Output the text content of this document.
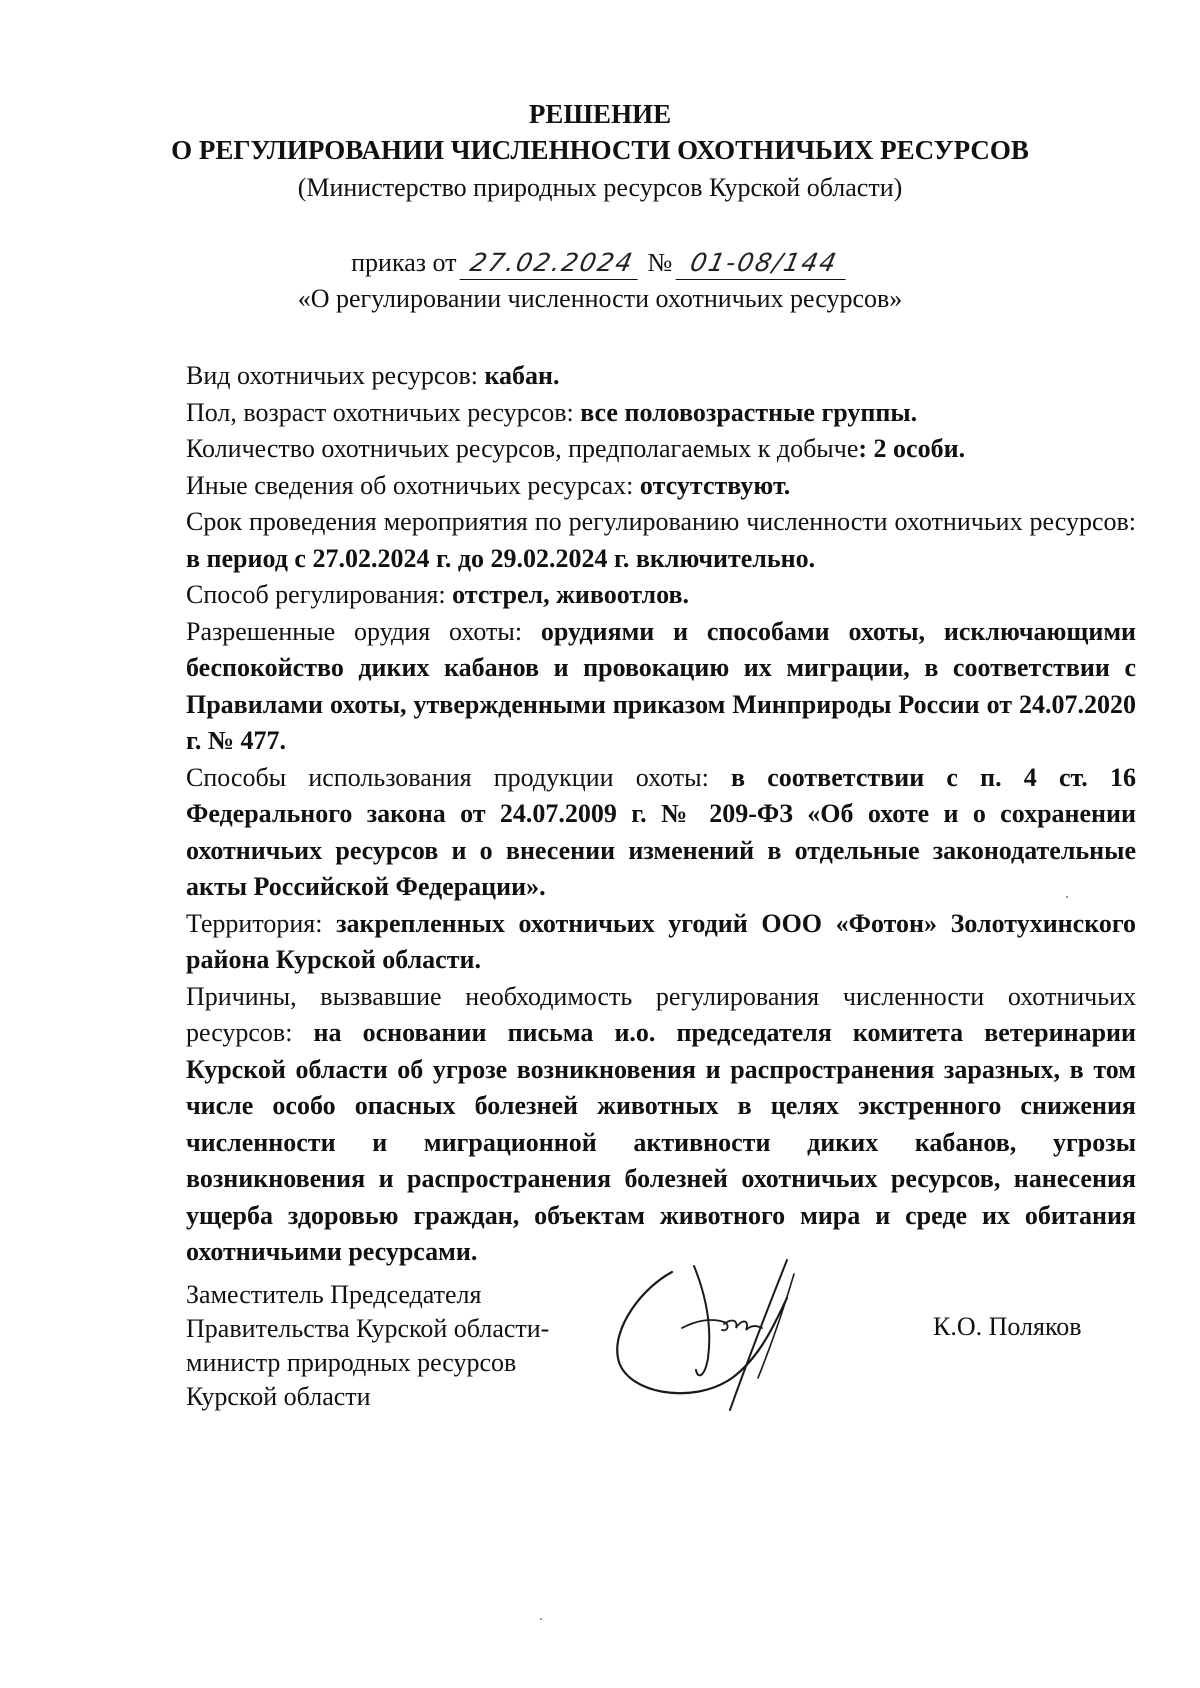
РЕШЕНИЕ
О РЕГУЛИРОВАНИИ ЧИСЛЕННОСТИ ОХОТНИЧЬИХ РЕСУРСОВ
(Министерство природных ресурсов Курской области)
приказ от 27.02.2024 № 01-08/144
«О регулировании численности охотничьих ресурсов»

Вид охотничьих ресурсов: кабан.

Пол, возраст охотничьих ресурсов: все половозрастные группы.

Количество охотничьих ресурсов, предполагаемых к добыче: 2 особи.

Иные сведения об охотничьих ресурсах: отсутствуют.

Срок проведения мероприятия по регулированию численности охотничьих ресурсов: в период с 27.02.2024 г. до 29.02.2024 г. включительно.

Способ регулирования: отстрел, живоотлов.

Разрешенные орудия охоты: орудиями и способами охоты, исключающими беспокойство диких кабанов и провокацию их миграции, в соответствии с Правилами охоты, утвержденными приказом Минприроды России от 24.07.2020 г. № 477.

Способы использования продукции охоты: в соответствии с п. 4 ст. 16 Федерального закона от 24.07.2009 г. № 209-ФЗ «Об охоте и о сохранении охотничьих ресурсов и о внесении изменений в отдельные законодательные акты Российской Федерации».

Территория: закрепленных охотничьих угодий ООО «Фотон» Золотухинского района Курской области.

Причины, вызвавшие необходимость регулирования численности охотничьих ресурсов: на основании письма и.о. председателя комитета ветеринарии Курской области об угрозе возникновения и распространения заразных, в том числе особо опасных болезней животных в целях экстренного снижения численности и миграционной активности диких кабанов, угрозы возникновения и распространения болезней охотничьих ресурсов, нанесения ущерба здоровью граждан, объектам животного мира и среде их обитания охотничьими ресурсами.

Заместитель Председателя
Правительства Курской области-
министр природных ресурсов
Курской области
К.О. Поляков
